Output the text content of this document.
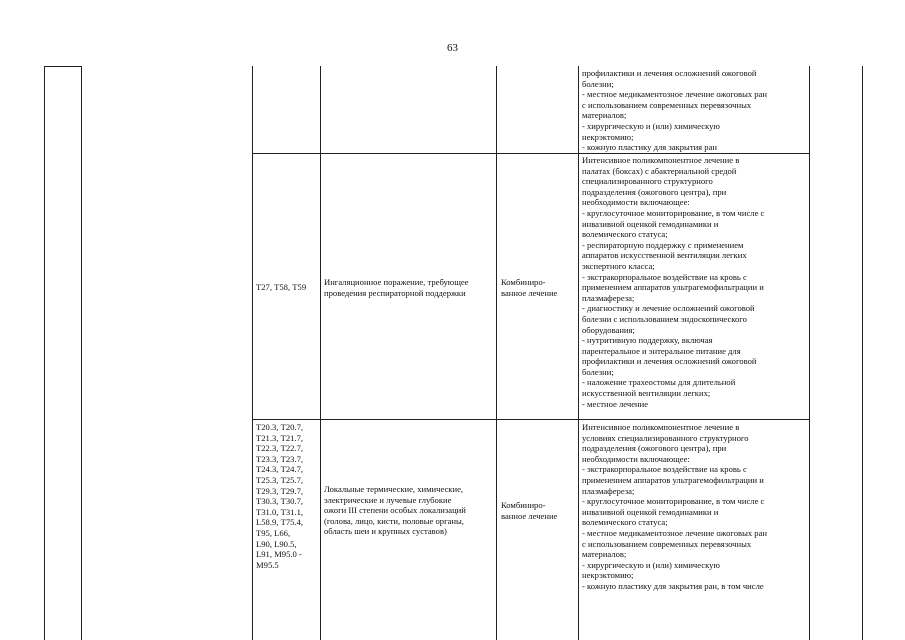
63
профилактики и лечения осложнений ожоговой
болезни;
- местное медикаментозное лечение ожоговых ран
с использованием современных перевязочных
материалов;
- хирургическую и (или) химическую
некрэктомию;
- кожную пластику для закрытия ран
Т27, Т58, Т59	Ингаляционное поражение, требующее
проведения респираторной поддержки
Комбиниро-
ванное лечение
Интенсивное поликомпонентное лечение в
палатах (боксах) с абактериальной средой
специализированного структурного
подразделения (ожогового центра), при
необходимости включающее:
- круглосуточное мониторирование, в том числе с
инвазивной оценкой гемодинамики и
волемического статуса;
- респираторную поддержку с применением
аппаратов искусственной вентиляции легких
экспертного класса;
- экстракорпоральное воздействие на кровь с
применением аппаратов ультрагемофильтрации и
плазмафереза;
- диагностику и лечение осложнений ожоговой
болезни с использованием эндоскопического
оборудования;
- нутритивную поддержку, включая
парентеральное и энтеральное питание для
профилактики и лечения осложнений ожоговой
болезни;
- наложение трахеостомы для длительной
искусственной вентиляции легких;
- местное лечение
Т20.3, Т20.7,
Т21.3, Т21.7,
Т22.3, Т22.7,
Т23.3, Т23.7,
Т24.3, Т24.7,
Т25.3, Т25.7,
Т29.3, Т29.7,
Т30.3, Т30.7,
Т31.0, Т31.1,
L58.9, Т75.4,
Т95, L66,
L90, L90.5,
L91, М95.0 -
М95.5
Локальные термические, химические,
электрические и лучевые глубокие
ожоги III степени особых локализаций
(голова, лицо, кисти, половые органы,
область шеи и крупных суставов)
Комбиниро-
ванное лечение
Интенсивное поликомпонентное лечение в
условиях специализированного структурного
подразделения (ожогового центра), при
необходимости включающее:
- экстракорпоральное воздействие на кровь с
применением аппаратов ультрагемофильтрации и
плазмафереза;
- круглосуточное мониторирование, в том числе с
инвазивной оценкой гемодинамики и
волемического статуса;
- местное медикаментозное лечение ожоговых ран
с использованием современных перевязочных
материалов;
- хирургическую и (или) химическую
некрэктомию;
- кожную пластику для закрытия ран, в том числе
